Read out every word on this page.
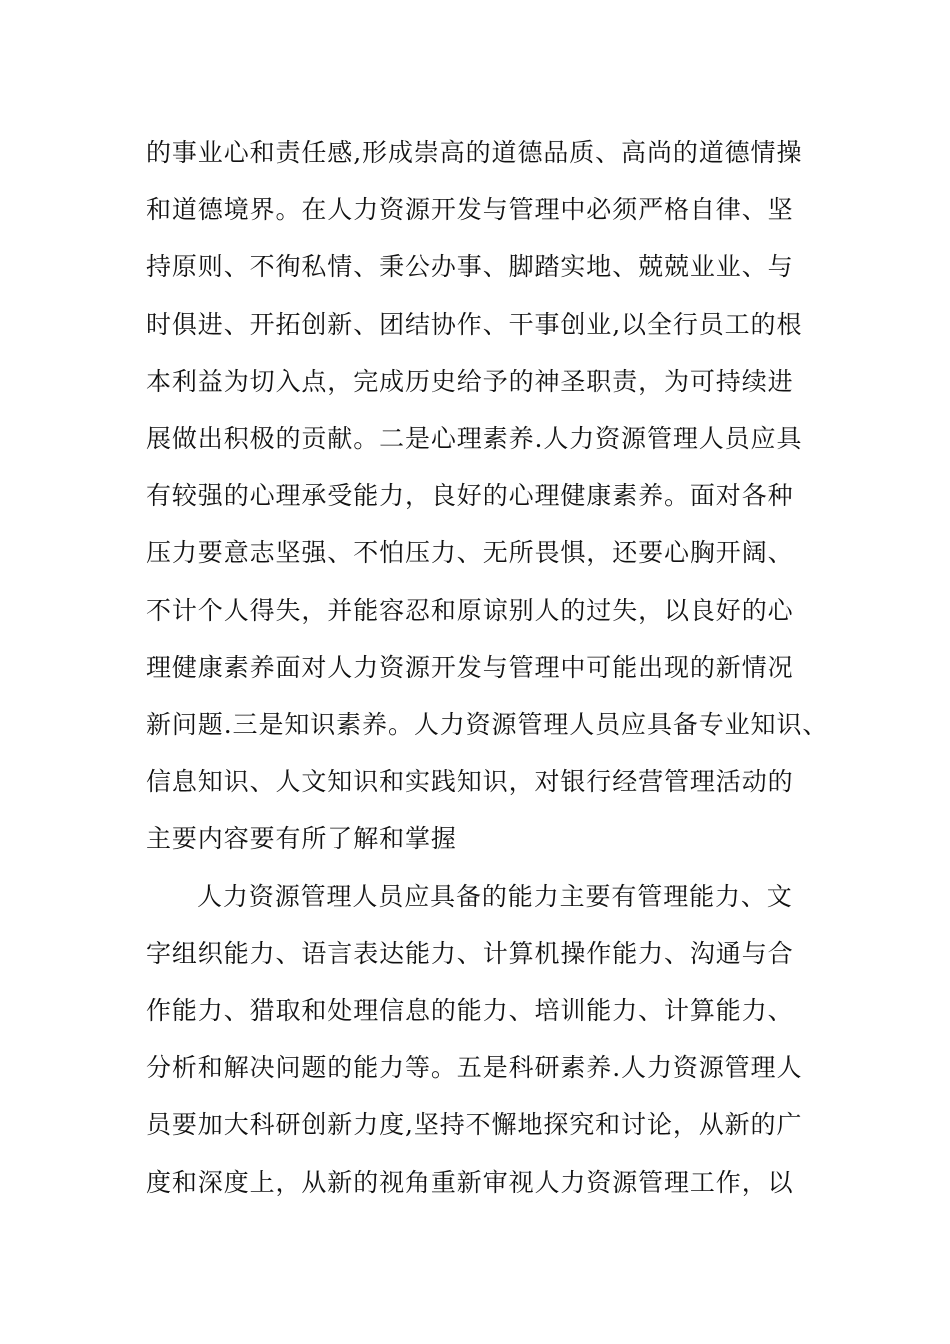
的事业心和责任感,形成崇高的道德品质、高尚的道德情操
和道德境界。在人力资源开发与管理中必须严格自律、坚
持原则、不徇私情、秉公办事、脚踏实地、兢兢业业、与
时俱进、开拓创新、团结协作、干事创业,以全行员工的根
本利益为切入点，完成历史给予的神圣职责，为可持续进
展做出积极的贡献。二是心理素养.人力资源管理人员应具
有较强的心理承受能力，良好的心理健康素养。面对各种
压力要意志坚强、不怕压力、无所畏惧，还要心胸开阔、
不计个人得失，并能容忍和原谅别人的过失，以良好的心
理健康素养面对人力资源开发与管理中可能出现的新情况
新问题.三是知识素养。人力资源管理人员应具备专业知识、
信息知识、人文知识和实践知识，对银行经营管理活动的
主要内容要有所了解和掌握
人力资源管理人员应具备的能力主要有管理能力、文
字组织能力、语言表达能力、计算机操作能力、沟通与合
作能力、猎取和处理信息的能力、培训能力、计算能力、
分析和解决问题的能力等。五是科研素养.人力资源管理人
员要加大科研创新力度,坚持不懈地探究和讨论，从新的广
度和深度上，从新的视角重新审视人力资源管理工作，以
